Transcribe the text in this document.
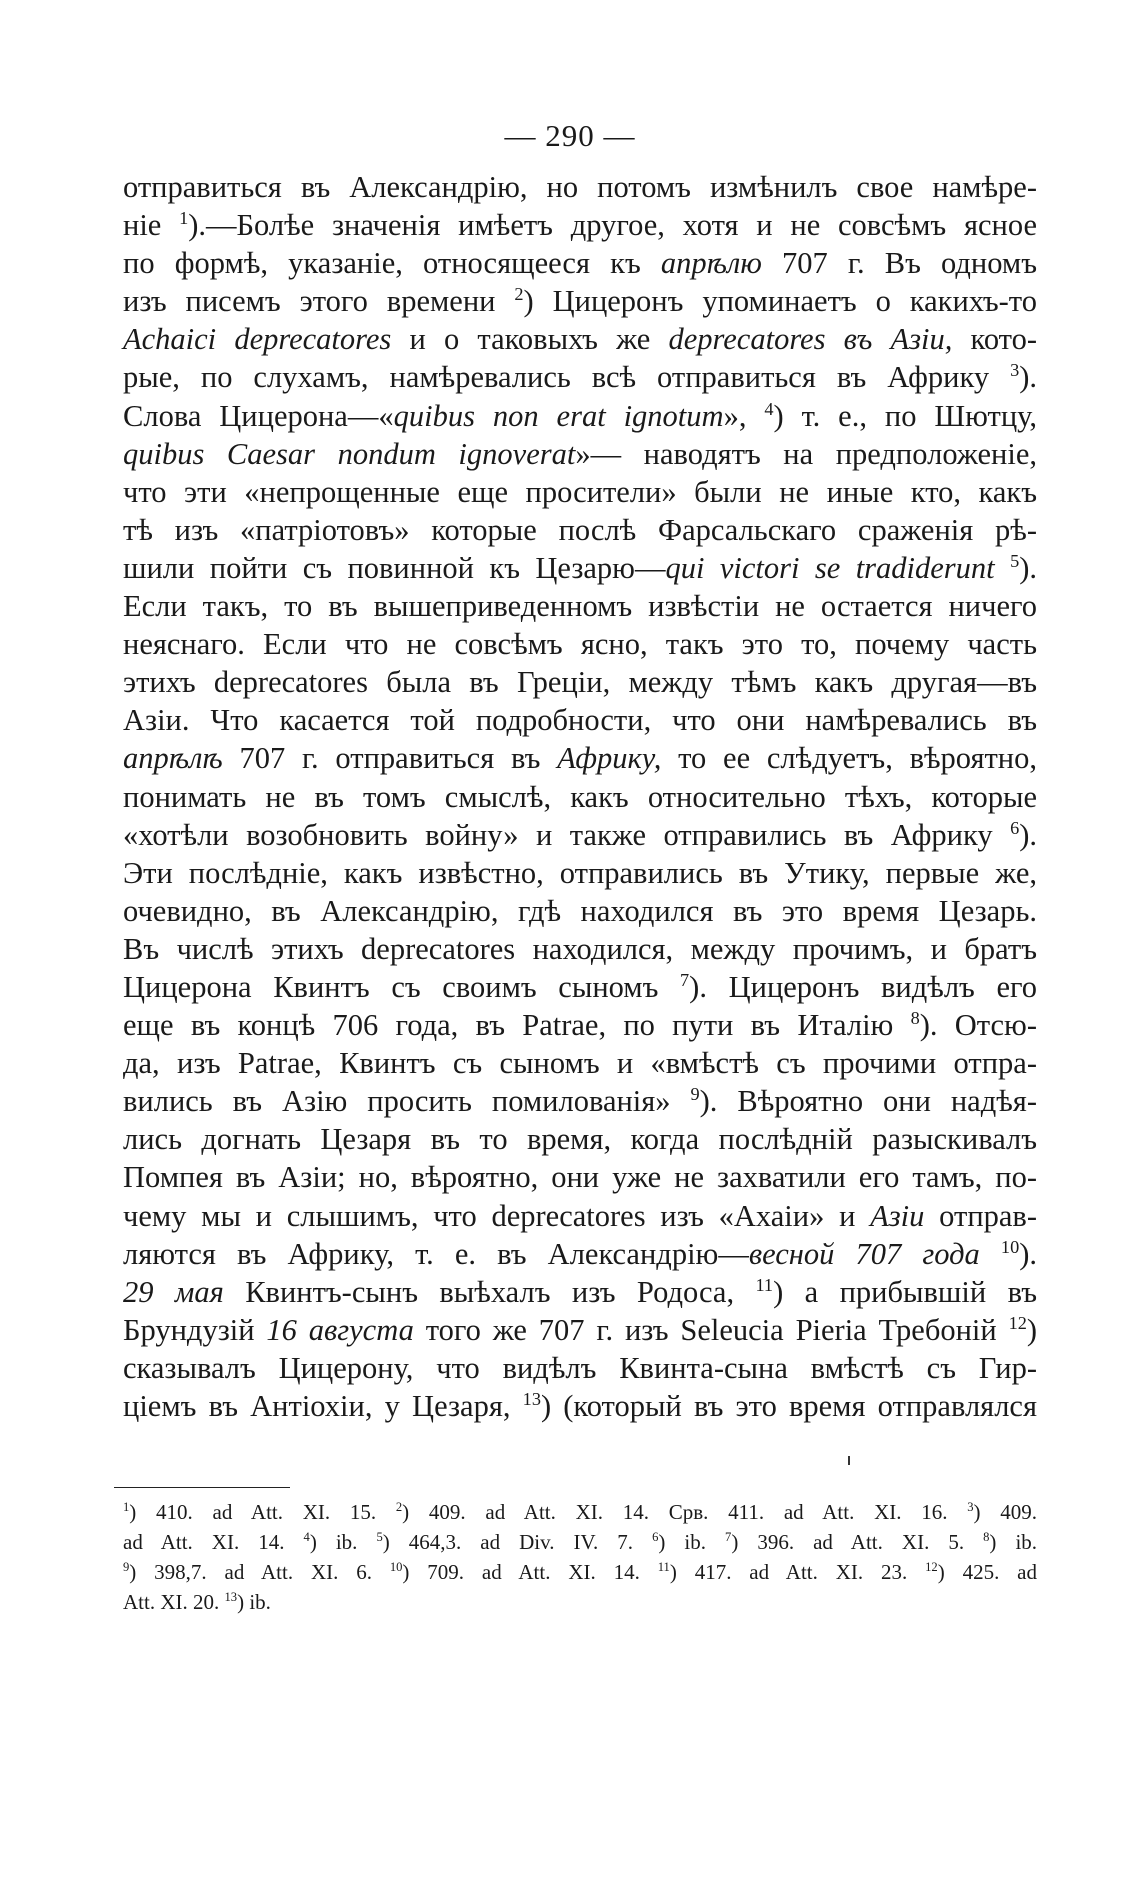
— 290 —
отправиться въ Александрію, но потомъ измѣнилъ свое намѣре-
ніе $^1$).—Болѣе значенія имѣетъ другое, хотя и не совсѣмъ ясное
по формѣ, указаніе, относящееся къ апрѣлю 707 г. Въ одномъ
изъ писемъ этого времени $^2$) Цицеронъ упоминаетъ о какихъ-то
Achaici deprecatores и о таковыхъ же deprecatores въ Азіи, кото-
рые, по слухамъ, намѣревались всѣ отправиться въ Африку $^3$).
Слова Цицерона—«quibus non erat ignotum», $^4$) т. е., по Шютцу,
quibus Caesar nondum ignoverat»— наводятъ на предположеніе,
что эти «непрощенные еще просители» были не иные кто, какъ
тѣ изъ «патріотовъ» которые послѣ Фарсальскаго сраженія рѣ-
шили пойти съ повинной къ Цезарю—qui victori se tradiderunt $^5$).
Если такъ, то въ вышеприведенномъ извѣстіи не остается ничего
неяснаго. Если что не совсѣмъ ясно, такъ это то, почему часть
этихъ deprecatores была въ Греціи, между тѣмъ какъ другая—въ
Азіи. Что касается той подробности, что они намѣревались въ
апрѣлѣ 707 г. отправиться въ Африку, то ее слѣдуетъ, вѣроятно,
понимать не въ томъ смыслѣ, какъ относительно тѣхъ, которые
«хотѣли возобновить войну» и также отправились въ Африку $^6$).
Эти послѣдніе, какъ извѣстно, отправились въ Утику, первые же,
очевидно, въ Александрію, гдѣ находился въ это время Цезарь.
Въ числѣ этихъ deprecatores находился, между прочимъ, и братъ
Цицерона Квинтъ съ своимъ сыномъ $^7$). Цицеронъ видѣлъ его
еще въ концѣ 706 года, въ Patrae, по пути въ Италію $^8$). Отсю-
да, изъ Patrae, Квинтъ съ сыномъ и «вмѣстѣ съ прочими отпра-
вились въ Азію просить помилованія» $^9$). Вѣроятно они надѣя-
лись догнать Цезаря въ то время, когда послѣдній разыскивалъ
Помпея въ Азіи; но, вѣроятно, они уже не захватили его тамъ, по-
чему мы и слышимъ, что deprecatores изъ «Ахаіи» и Азіи отправ-
ляются въ Африку, т. е. въ Александрію—весной 707 года $^{10}$).
29 мая Квинтъ-сынъ выѣхалъ изъ Родоса, $^{11}$) а прибывшій въ
Брундузій 16 августа того же 707 г. изъ Seleucia Pieria Требоній $^{12}$)
сказывалъ Цицерону, что видѣлъ Квинта-сына вмѣстѣ съ Гир-
ціемъ въ Антіохіи, у Цезаря, $^{13}$) (который въ это время отправлялся
$^1$) 410. ad Att. XI. 15. $^2$) 409. ad Att. XI. 14. Срв. 411. ad Att. XI. 16. $^3$) 409.
ad Att. XI. 14. $^4$) ib. $^5$) 464,3. ad Div. IV. 7. $^6$) ib. $^7$) 396. ad Att. XI. 5. $^8$) ib.
$^9$) 398,7. ad Att. XI. 6. $^{10}$) 709. ad Att. XI. 14. $^{11}$) 417. ad Att. XI. 23. $^{12}$) 425. ad
Att. XI. 20. $^{13}$) ib.
